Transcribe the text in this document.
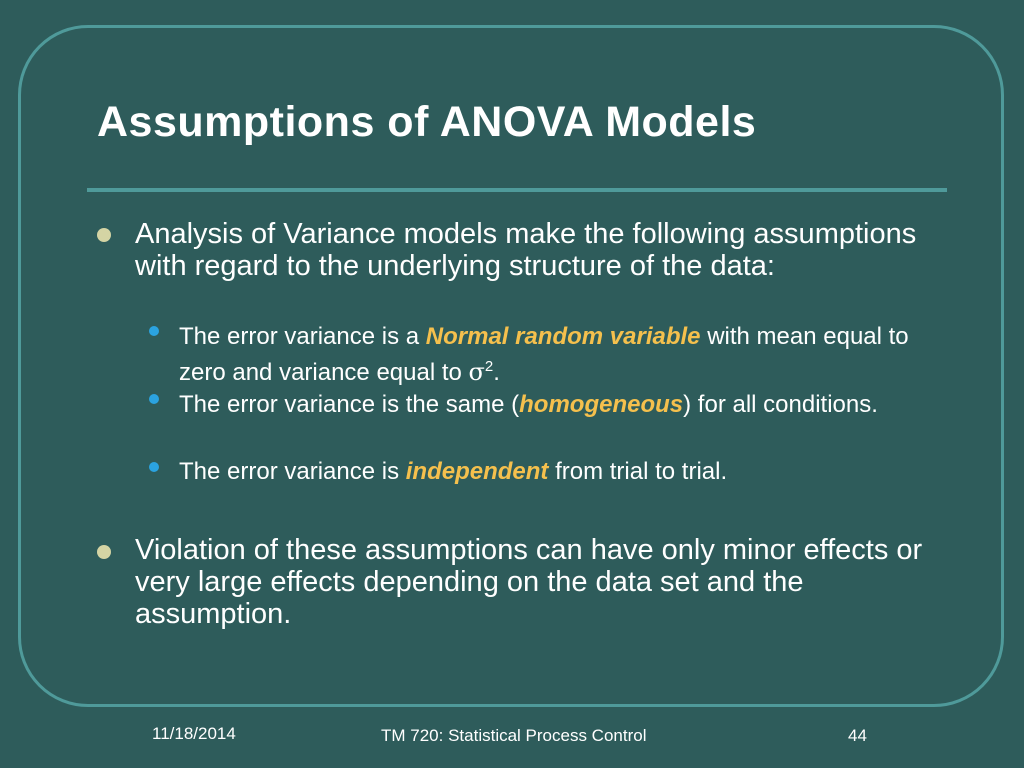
Assumptions of ANOVA Models
Analysis of Variance models make the following assumptions with regard to the underlying structure of the data:
The error variance is a Normal random variable with mean equal to zero and variance equal to $\sigma^2$.
The error variance is the same (homogeneous) for all conditions.
The error variance is independent from trial to trial.
Violation of these assumptions can have only minor effects or very large effects depending on the data set and the assumption.
11/18/2014	TM 720: Statistical Process Control	44
